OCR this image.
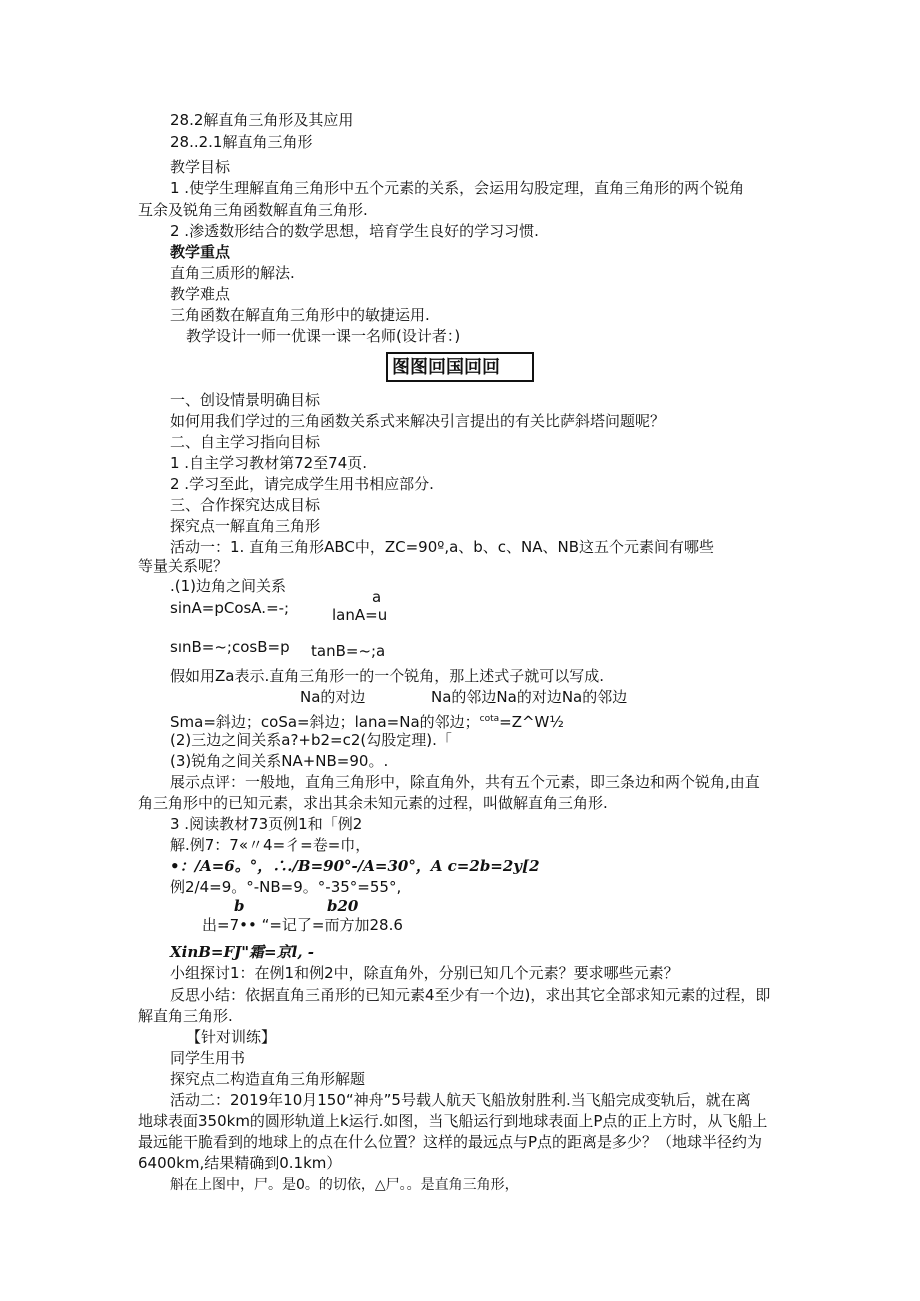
28.2解直角三角形及其应用
28..2.1解直角三角形
教学目标
1 .使学生理解直角三角形中五个元素的关系，会运用勾股定理，直角三角形的两个锐角
互余及锐角三角函数解直角三角形.
2 .渗透数形结合的数学思想，培育学生良好的学习习惯.
教学重点
直角三质形的解法.
教学难点
三角函数在解直角三角形中的敏捷运用.
教学设计一师一优课一课一名师(设计者：)
图图回国回回
一、创设情景明确目标
如何用我们学过的三角函数关系式来解决引言提出的有关比萨斜塔问题呢？
二、自主学习指向目标
1 .自主学习教材第72至74页.
2 .学习至此，请完成学生用书相应部分.
三、合作探究达成目标
探究点一解直角三角形
活动一：1. 直角三角形ABC中，ZC=90º,a、b、c、NA、NB这五个元素间有哪些
等量关系呢？
.(1)边角之间关系
sinA=pCosA.=-;
a
lanA=u
sınB=~;cosB=p tanB=~;a
假如用Za表示.直角三角形一的一个锐角，那上述式子就可以写成.
Na的对边	Na的邻边Na的对边Na的邻边
Sma=斜边；coSa=斜边；lana=Na的邻边；$^{cota}$=Z^W½
(2)三边之间关系a?+b2=c2(勾股定理).「
(3)锐角之间关系NA+NB=90。.
展示点评：一般地，直角三角形中，除直角外，共有五个元素，即三条边和两个锐角,由直
角三角形中的已知元素，求出其余未知元素的过程，叫做解直角三角形.
3 .阅读教材73页例1和「例2
解.例7：7«〃4=彳=卷=巾，
•：/A=6。°，∴./B=90°-/A=30°，A c=2b=2y[2
例2/4=9。°-NB=9。°-35°=55°,
b	b20
出=7•• “=记了=而方加28.6
XinB=FJ"霜=京l, -
小组探讨1：在例1和例2中，除直角外，分别已知几个元素？要求哪些元素？
反思小结：依据直角三甬形的已知元素4至少有一个边)，求出其它全部求知元素的过程，即
解直角三角形.
【针对训练】
同学生用书
探究点二构造直角三角形解题
活动二：2019年10月150“神舟”5号载人航天飞船放射胜利.当飞船完成变轨后，就在离
地球表面350km的圆形轨道上k运行.如图，当飞船运行到地球表面上P点的正上方时，从飞船上
最远能干脆看到的地球上的点在什么位置？这样的最远点与P点的距离是多少？（地球半径约为
6400km,结果精确到0.1km）
斛在上图中，尸。是0。的切依，△尸。。是直角三角形，
